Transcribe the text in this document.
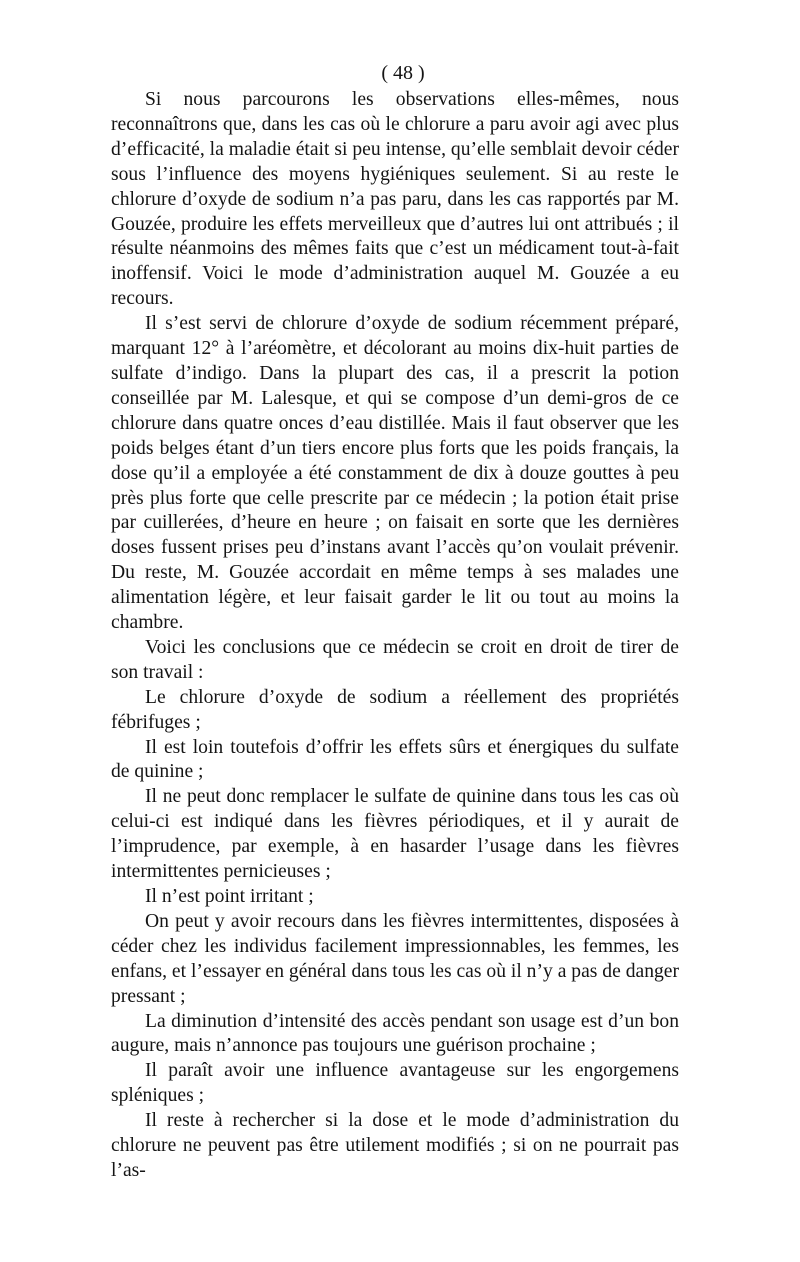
( 48 )

Si nous parcourons les observations elles-mêmes, nous reconnaîtrons que, dans les cas où le chlorure a paru avoir agi avec plus d’efficacité, la maladie était si peu intense, qu’elle semblait devoir céder sous l’influence des moyens hygiéniques seulement. Si au reste le chlorure d’oxyde de sodium n’a pas paru, dans les cas rapportés par M. Gouzée, produire les effets merveilleux que d’autres lui ont attribués ; il résulte néanmoins des mêmes faits que c’est un médicament tout-à-fait inoffensif. Voici le mode d’administration auquel M. Gouzée a eu recours.

Il s’est servi de chlorure d’oxyde de sodium récemment préparé, marquant 12° à l’aréomètre, et décolorant au moins dix-huit parties de sulfate d’indigo. Dans la plupart des cas, il a prescrit la potion conseillée par M. Lalesque, et qui se compose d’un demi-gros de ce chlorure dans quatre onces d’eau distillée. Mais il faut observer que les poids belges étant d’un tiers encore plus forts que les poids français, la dose qu’il a employée a été constamment de dix à douze gouttes à peu près plus forte que celle prescrite par ce médecin ; la potion était prise par cuillerées, d’heure en heure ; on faisait en sorte que les dernières doses fussent prises peu d’instans avant l’accès qu’on voulait prévenir. Du reste, M. Gouzée accordait en même temps à ses malades une alimentation légère, et leur faisait garder le lit ou tout au moins la chambre.

Voici les conclusions que ce médecin se croit en droit de tirer de son travail :

Le chlorure d’oxyde de sodium a réellement des propriétés fébrifuges ;

Il est loin toutefois d’offrir les effets sûrs et énergiques du sulfate de quinine ;

Il ne peut donc remplacer le sulfate de quinine dans tous les cas où celui-ci est indiqué dans les fièvres périodiques, et il y aurait de l’imprudence, par exemple, à en hasarder l’usage dans les fièvres intermittentes pernicieuses ;

Il n’est point irritant ;

On peut y avoir recours dans les fièvres intermittentes, disposées à céder chez les individus facilement impressionnables, les femmes, les enfans, et l’essayer en général dans tous les cas où il n’y a pas de danger pressant ;

La diminution d’intensité des accès pendant son usage est d’un bon augure, mais n’annonce pas toujours une guérison prochaine ;

Il paraît avoir une influence avantageuse sur les engorgemens spléniques ;

Il reste à rechercher si la dose et le mode d’administration du chlorure ne peuvent pas être utilement modifiés ; si on ne pourrait pas l’as-
